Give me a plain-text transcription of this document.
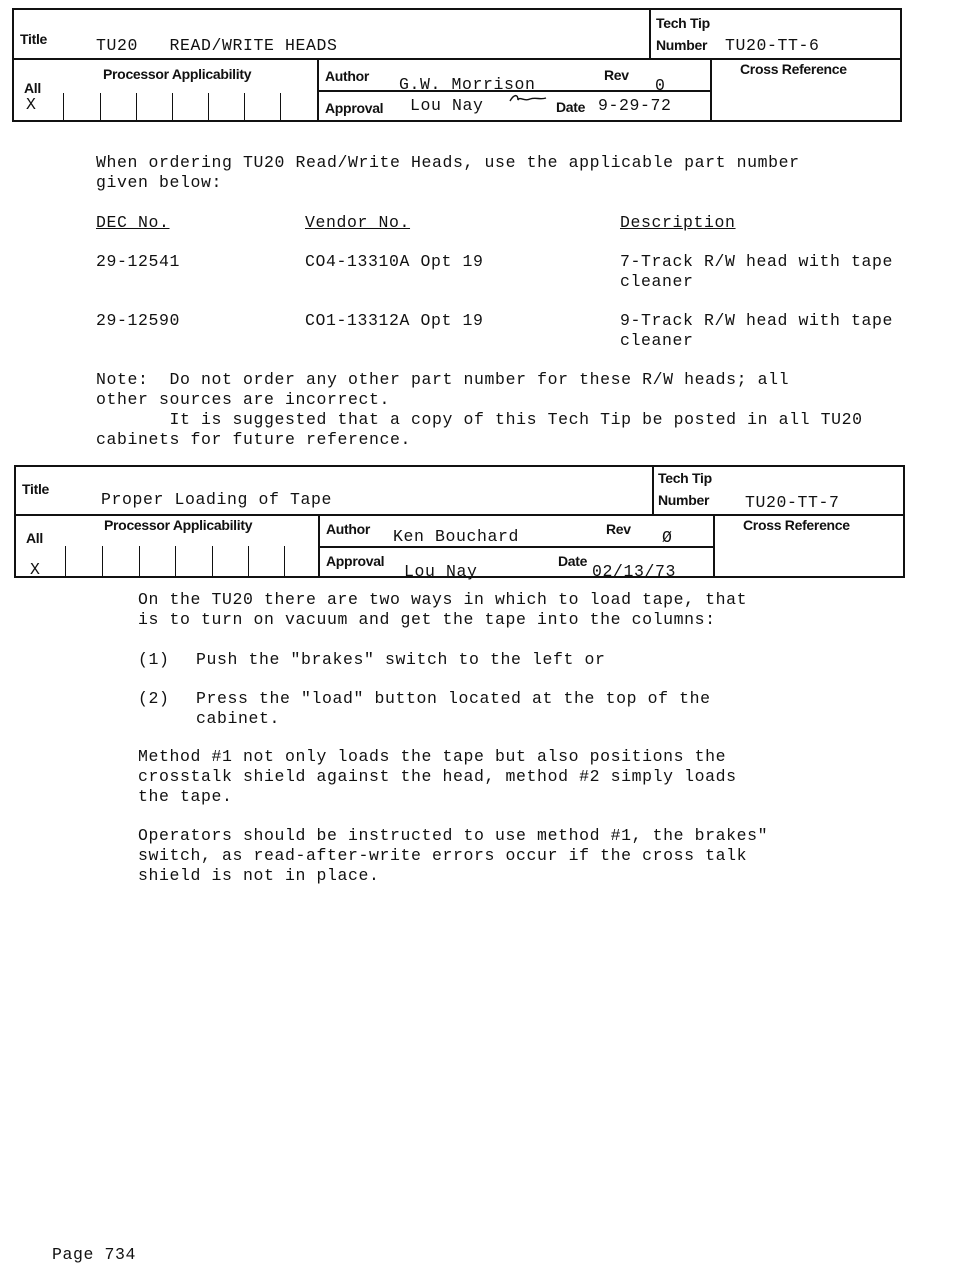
Title	TU20   READ/WRITE HEADS
Tech Tip
Number TU20-TT-6
Processor Applicability
All
X
Author G.W. Morrison	Rev
0
Approval Lou Nay	Date 9-29-72
Cross Reference
When ordering TU20 Read/Write Heads, use the applicable part number
given below:
DEC No.	Vendor No.	Description
29-12541	CO4-13310A Opt 19	7-Track R/W head with tape
cleaner
29-12590	CO1-13312A Opt 19	9-Track R/W head with tape
cleaner
Note:  Do not order any other part number for these R/W heads; all
other sources are incorrect.
It is suggested that a copy of this Tech Tip be posted in all TU20
cabinets for future reference.
Title
Proper Loading of Tape
Tech Tip
Number TU20-TT-7
Processor Applicability
All
X
Author Ken Bouchard	Rev Ø
Approval
Lou Nay
Date
02/13/73
Cross Reference
On the TU20 there are two ways in which to load tape, that
is to turn on vacuum and get the tape into the columns:
(1) Push the "brakes" switch to the left or
(2) Press the "load" button located at the top of the
cabinet.
Method #1 not only loads the tape but also positions the
crosstalk shield against the head, method #2 simply loads
the tape.
Operators should be instructed to use method #1, the brakes"
switch, as read-after-write errors occur if the cross talk
shield is not in place.
Page 734
